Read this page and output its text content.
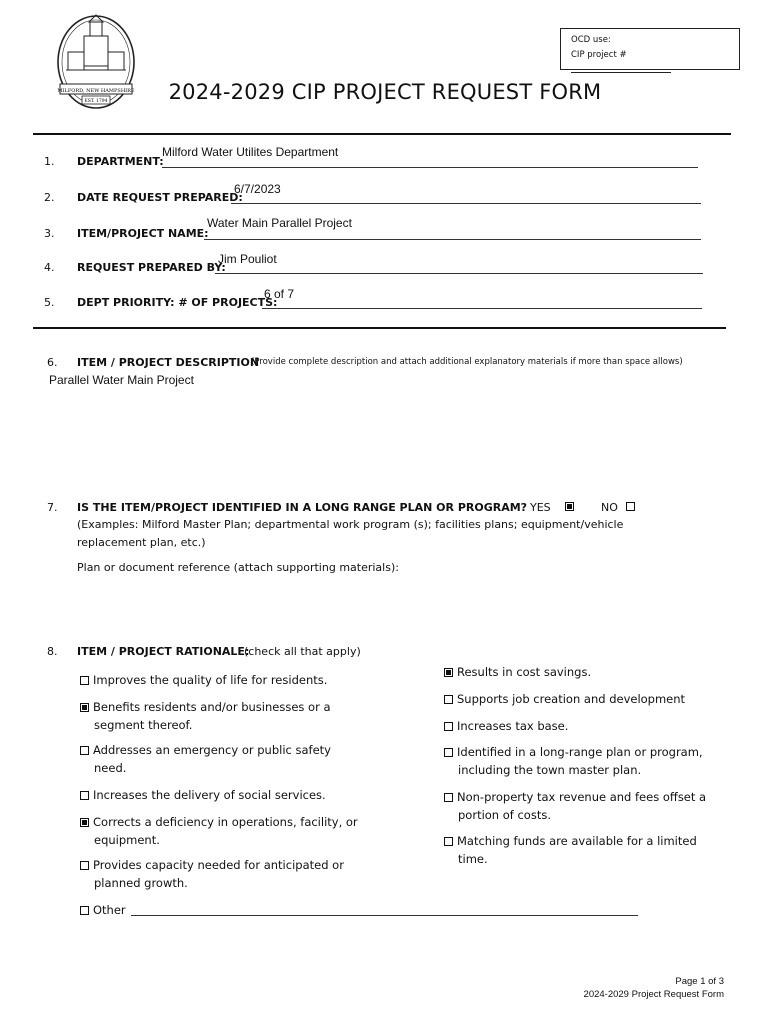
MILFORD, NEW HAMPSHIRE
EST. 1794
OCD use:
CIP project #
2024-2029 CIP PROJECT REQUEST FORM
1. DEPARTMENT:
Milford Water Utilites Department
2. DATE REQUEST PREPARED:
6/7/2023
3. ITEM/PROJECT NAME:
Water Main Parallel Project
4. REQUEST PREPARED BY:
Jim Pouliot
5. DEPT PRIORITY: # OF PROJECTS:
6 of 7
6. ITEM / PROJECT DESCRIPTION
(Provide complete description and attach additional explanatory materials if more than space allows)
Parallel Water Main Project
7. IS THE ITEM/PROJECT IDENTIFIED IN A LONG RANGE PLAN OR PROGRAM? YES	NO
(Examples: Milford Master Plan; departmental work program (s); facilities plans; equipment/vehicle
replacement plan, etc.)
Plan or document reference (attach supporting materials):
8. ITEM / PROJECT RATIONALE:
(check all that apply)
Improves the quality of life for residents.
Benefits residents and/or businesses or a
segment thereof.
Addresses an emergency or public safety
need.
Increases the delivery of social services.
Corrects a deficiency in operations, facility, or
equipment.
Provides capacity needed for anticipated or
planned growth.
Results in cost savings.
Supports job creation and development
Increases tax base.
Identified in a long-range plan or program,
including the town master plan.
Non-property tax revenue and fees offset a
portion of costs.
Matching funds are available for a limited
time.
Other
Page 1 of 3
2024-2029 Project Request Form
